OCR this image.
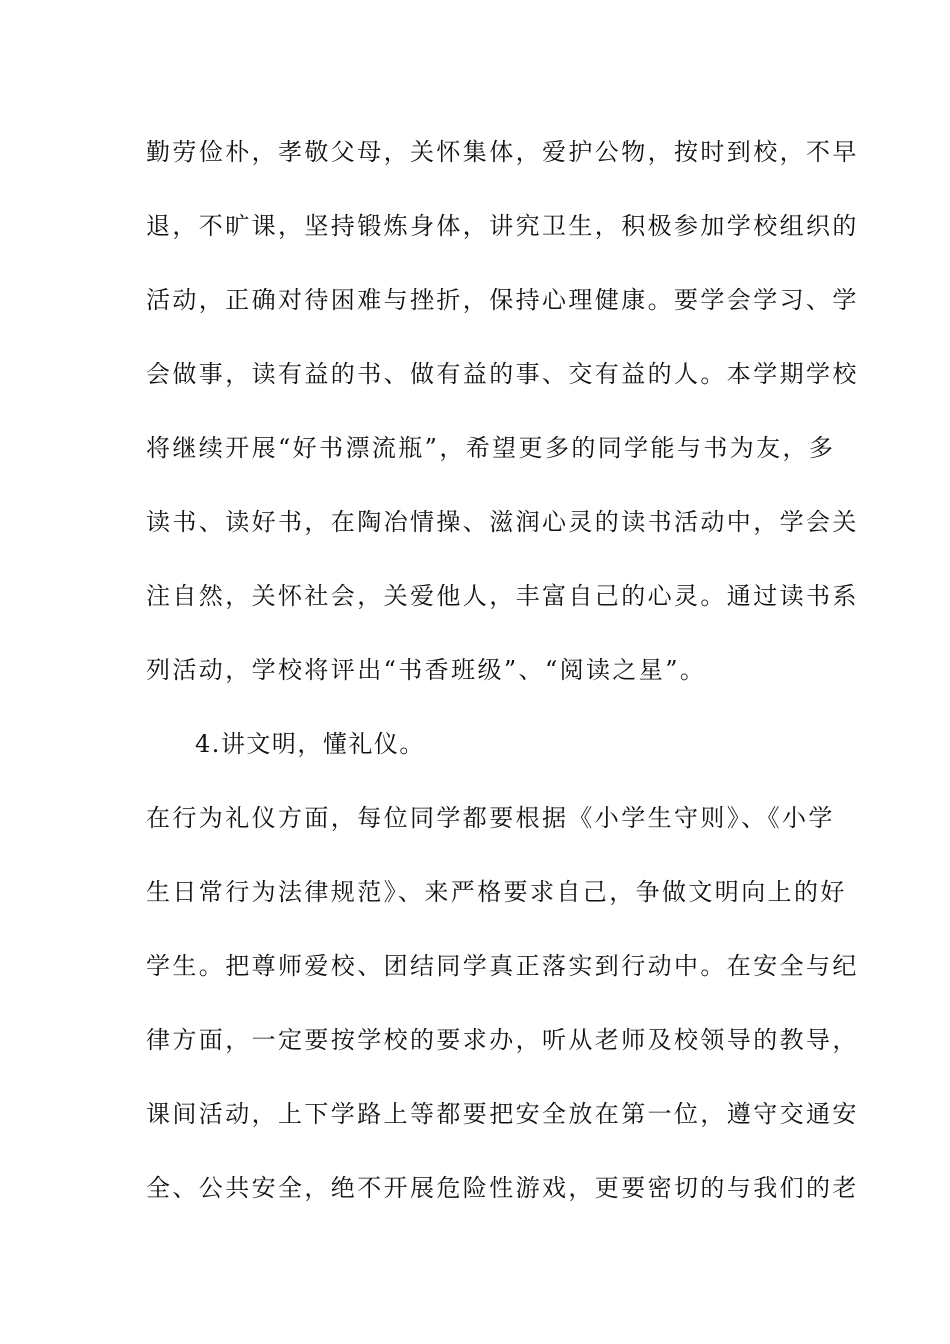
勤劳俭朴，孝敬父母，关怀集体，爱护公物，按时到校，不早
退，不旷课，坚持锻炼身体，讲究卫生，积极参加学校组织的
活动，正确对待困难与挫折，保持心理健康。要学会学习、学
会做事，读有益的书、做有益的事、交有益的人。本学期学校
将继续开展“好书漂流瓶”，希望更多的同学能与书为友，多
读书、读好书，在陶冶情操、滋润心灵的读书活动中，学会关
注自然，关怀社会，关爱他人，丰富自己的心灵。通过读书系
列活动，学校将评出“书香班级”、“阅读之星”。
4.讲文明，懂礼仪。
在行为礼仪方面，每位同学都要根据《小学生守则》、《小学
生日常行为法律规范》、来严格要求自己，争做文明向上的好
学生。把尊师爱校、团结同学真正落实到行动中。在安全与纪
律方面，一定要按学校的要求办，听从老师及校领导的教导，
课间活动，上下学路上等都要把安全放在第一位，遵守交通安
全、公共安全，绝不开展危险性游戏，更要密切的与我们的老
